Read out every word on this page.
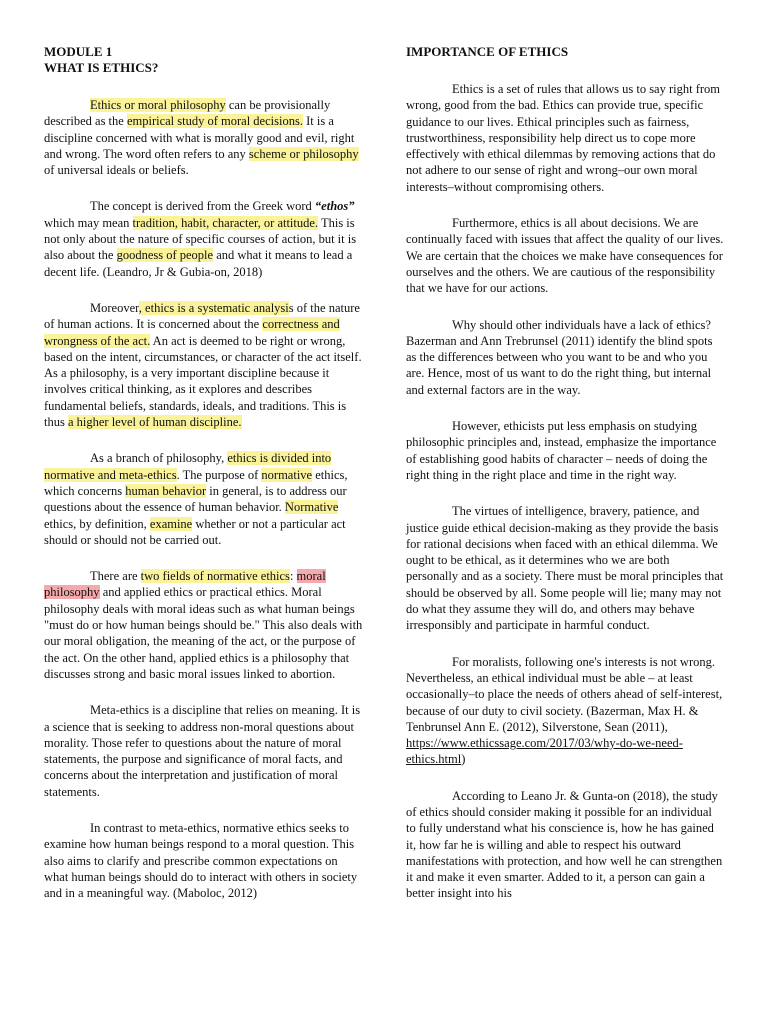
MODULE 1

WHAT IS ETHICS?

Ethics or moral philosophy can be provisionally described as the empirical study of moral decisions. It is a discipline concerned with what is morally good and evil, right and wrong. The word often refers to any scheme or philosophy of universal ideals or beliefs.

The concept is derived from the Greek word “ethos” which may mean tradition, habit, character, or attitude. This is not only about the nature of specific courses of action, but it is also about the goodness of people and what it means to lead a decent life. (Leandro, Jr & Gubia-on, 2018)

Moreover, ethics is a systematic analysis of the nature of human actions. It is concerned about the correctness and wrongness of the act. An act is deemed to be right or wrong, based on the intent, circumstances, or character of the act itself. As a philosophy, is a very important discipline because it involves critical thinking, as it explores and describes fundamental beliefs, standards, ideals, and traditions. This is thus a higher level of human discipline.

As a branch of philosophy, ethics is divided into normative and meta-ethics. The purpose of normative ethics, which concerns human behavior in general, is to address our questions about the essence of human behavior. Normative ethics, by definition, examine whether or not a particular act should or should not be carried out.

There are two fields of normative ethics: moral philosophy and applied ethics or practical ethics. Moral philosophy deals with moral ideas such as what human beings "must do or how human beings should be." This also deals with our moral obligation, the meaning of the act, or the purpose of the act. On the other hand, applied ethics is a philosophy that discusses strong and basic moral issues linked to abortion.

Meta-ethics is a discipline that relies on meaning. It is a science that is seeking to address non-moral questions about morality. Those refer to questions about the nature of moral statements, the purpose and significance of moral facts, and concerns about the interpretation and justification of moral statements.

In contrast to meta-ethics, normative ethics seeks to examine how human beings respond to a moral question. This also aims to clarify and prescribe common expectations on what human beings should do to interact with others in society and in a meaningful way. (Maboloc, 2012)

IMPORTANCE OF ETHICS

Ethics is a set of rules that allows us to say right from wrong, good from the bad. Ethics can provide true, specific guidance to our lives. Ethical principles such as fairness, trustworthiness, responsibility help direct us to cope more effectively with ethical dilemmas by removing actions that do not adhere to our sense of right and wrong–our own moral interests–without compromising others.

Furthermore, ethics is all about decisions. We are continually faced with issues that affect the quality of our lives. We are certain that the choices we make have consequences for ourselves and the others. We are cautious of the responsibility that we have for our actions.

Why should other individuals have a lack of ethics? Bazerman and Ann Trebrunsel (2011) identify the blind spots as the differences between who you want to be and who you are. Hence, most of us want to do the right thing, but internal and external factors are in the way.

However, ethicists put less emphasis on studying philosophic principles and, instead, emphasize the importance of establishing good habits of character – needs of doing the right thing in the right place and time in the right way.

The virtues of intelligence, bravery, patience, and justice guide ethical decision-making as they provide the basis for rational decisions when faced with an ethical dilemma. We ought to be ethical, as it determines who we are both personally and as a society. There must be moral principles that should be observed by all. Some people will lie; many may not do what they assume they will do, and others may behave irresponsibly and participate in harmful conduct.

For moralists, following one's interests is not wrong. Nevertheless, an ethical individual must be able – at least occasionally–to place the needs of others ahead of self-interest, because of our duty to civil society. (Bazerman, Max H. & Tenbrunsel Ann E. (2012), Silverstone, Sean (2011), https://www.ethicssage.com/2017/03/why-do-we-need-ethics.html)

According to Leano Jr. & Gunta-on (2018), the study of ethics should consider making it possible for an individual to fully understand what his conscience is, how he has gained it, how far he is willing and able to respect his outward manifestations with protection, and how well he can strengthen it and make it even smarter. Added to it, a person can gain a better insight into his
